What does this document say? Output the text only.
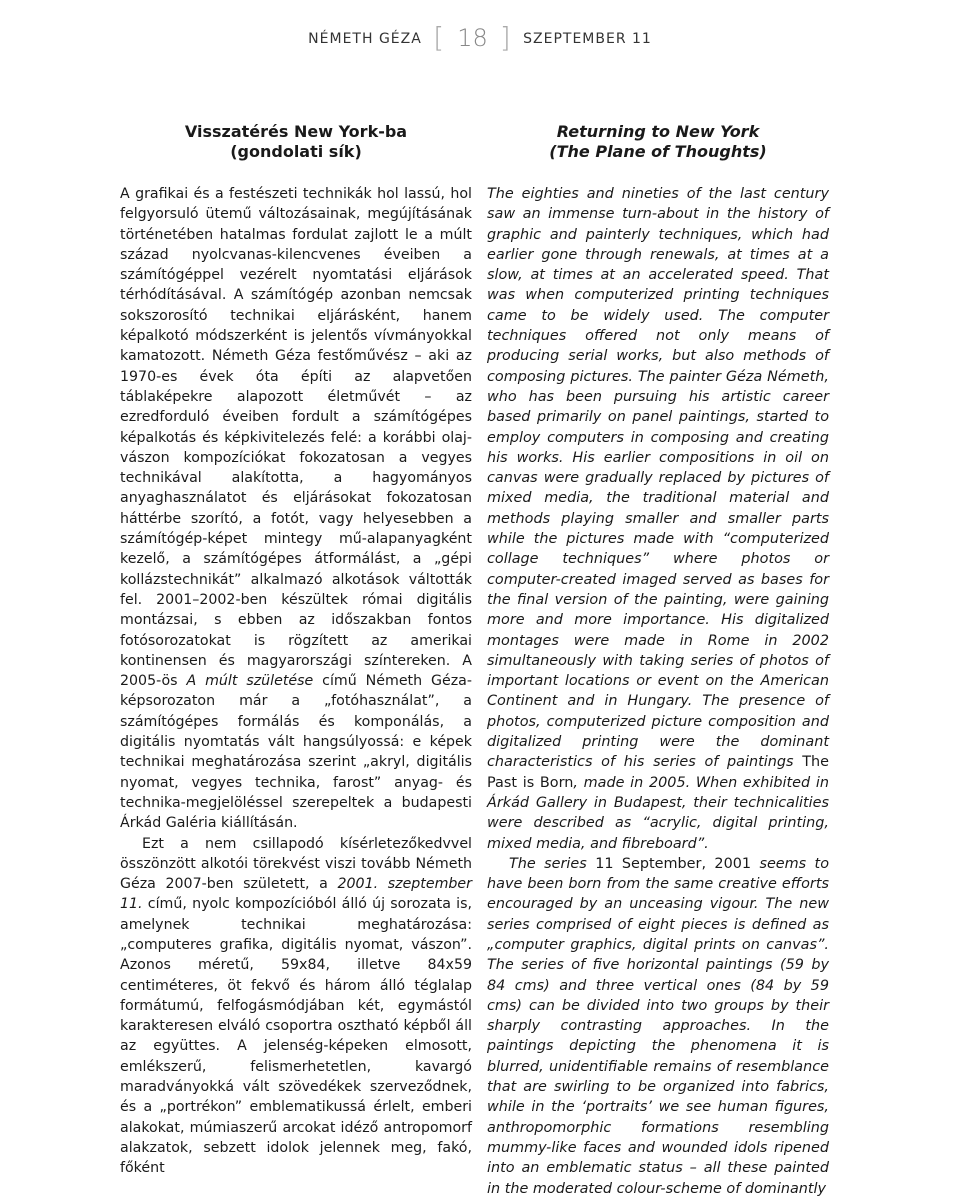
NÉMETH GÉZA [ 18 ] SZEPTEMBER 11
Visszatérés New York-ba
(gondolati sík)

A grafikai és a festészeti technikák hol lassú, hol felgyorsuló ütemű változásainak, megújításának történetében hatalmas fordulat zajlott le a múlt század nyolcvanas-kilencvenes éveiben a számítógéppel vezérelt nyomtatási eljárások térhódításával. A számítógép azonban nemcsak sokszorosító technikai eljárásként, hanem képalkotó módszerként is jelentős vívmányokkal kamatozott. Németh Géza festőművész – aki az 1970-es évek óta építi az alapvetően táblaképekre alapozott életművét – az ezredforduló éveiben fordult a számítógépes képalkotás és képkivitelezés felé: a korábbi olaj-vászon kompozíciókat fokozatosan a vegyes technikával alakította, a hagyományos anyaghasználatot és eljárásokat fokozatosan háttérbe szorító, a fotót, vagy helyesebben a számítógép-képet mintegy mű-alapanyagként kezelő, a számítógépes átformálást, a „gépi kollázstechnikát” alkalmazó alkotások váltották fel. 2001–2002-ben készültek római digitális montázsai, s ebben az időszakban fontos fotósorozatokat is rögzített az amerikai kontinensen és magyarországi színtereken. A 2005-ös A múlt születése című Németh Géza-képsorozaton már a „fotóhasználat”, a számítógépes formálás és komponálás, a digitális nyomtatás vált hangsúlyossá: e képek technikai meghatározása szerint „akryl, digitális nyomat, vegyes technika, farost” anyag- és technika-megjelöléssel szerepeltek a budapesti Árkád Galéria kiállításán.

Ezt a nem csillapodó kísérletezőkedvvel összönzött alkotói törekvést viszi tovább Németh Géza 2007-ben született, a 2001. szeptember 11. című, nyolc kompozícióból álló új sorozata is, amelynek technikai meghatározása: „computeres grafika, digitális nyomat, vászon”. Azonos méretű, 59x84, illetve 84x59 centiméteres, öt fekvő és három álló téglalap formátumú, felfogásmódjában két, egymástól karakteresen elváló csoportra osztható képből áll az együttes. A jelenség-képeken elmosott, emlékszerű, felismerhetetlen, kavargó maradványokká vált szövedékek szerveződnek, és a „portrékon” emblematikussá érlelt, emberi alakokat, múmiaszerű arcokat idéző antropomorf alakzatok, sebzett idolok jelennek meg, fakó, főként

Returning to New York
(The Plane of Thoughts)

The eighties and nineties of the last century saw an immense turn-about in the history of graphic and painterly techniques, which had earlier gone through renewals, at times at a slow, at times at an accelerated speed. That was when computerized printing techniques came to be widely used. The computer techniques offered not only means of producing serial works, but also methods of composing pictures. The painter Géza Németh, who has been pursuing his artistic career based primarily on panel paintings, started to employ computers in composing and creating his works. His earlier compositions in oil on canvas were gradually replaced by pictures of mixed media, the traditional material and methods playing smaller and smaller parts while the pictures made with “computerized collage techniques” where photos or computer-created imaged served as bases for the final version of the painting, were gaining more and more importance. His digitalized montages were made in Rome in 2002 simultaneously with taking series of photos of important locations or event on the American Continent and in Hungary. The presence of photos, computerized picture composition and digitalized printing were the dominant characteristics of his series of paintings The Past is Born, made in 2005. When exhibited in Árkád Gallery in Budapest, their technicalities were described as “acrylic, digital printing, mixed media, and fibreboard”.

The series 11 September, 2001 seems to have been born from the same creative efforts encouraged by an unceasing vigour. The new series comprised of eight pieces is defined as „computer graphics, digital prints on canvas”. The series of five horizontal paintings (59 by 84 cms) and three vertical ones (84 by 59 cms) can be divided into two groups by their sharply contrasting approaches. In the paintings depicting the phenomena it is blurred, unidentifiable remains of resemblance that are swirling to be organized into fabrics, while in the ‘portraits’ we see human figures, anthropomorphic formations resembling mummy-like faces and wounded idols ripened into an emblematic status – all these painted in the moderated colour-scheme of dominantly
